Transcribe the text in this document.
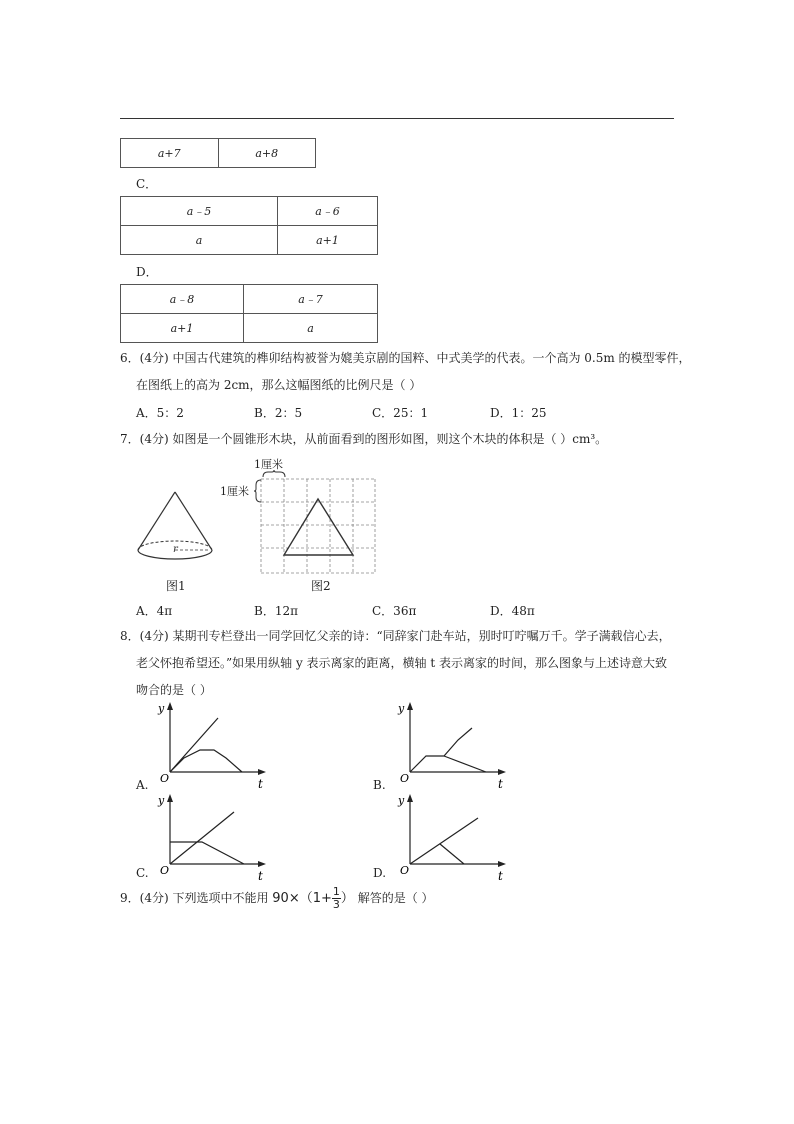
a+7	a+8
C．
a﹣5	a﹣6
a	a+1
D．
a﹣8	a﹣7
a+1	a
6．(4分) 中国古代建筑的榫卯结构被誉为媲美京剧的国粹、中式美学的代表。一个高为 0.5m 的模型零件，
在图纸上的高为 2cm，那么这幅图纸的比例尺是（ ）
A．5：2	B．2：5	C．25：1	D．1：25
7．(4分) 如图是一个圆锥形木块，从前面看到的图形如图，则这个木块的体积是（ ）cm³。
r
图1
1厘米
1厘米
图2
A．4π	B．12π	C．36π	D．48π
8．(4分) 某期刊专栏登出一同学回忆父亲的诗：“同辞家门赴车站，别时叮咛嘱万千。学子满载信心去，
老父怀抱希望还。”如果用纵轴 y 表示离家的距离，横轴 t 表示离家的时间，那么图象与上述诗意大致
吻合的是（ ）
y
O	t
A.
y
O	t
B.
y
O	t
C.
y
O	t
D.
9．(4分) 下列选项中不能用 $90\times(1+ \frac{1}{3}$ ） 解答的是（ ）
